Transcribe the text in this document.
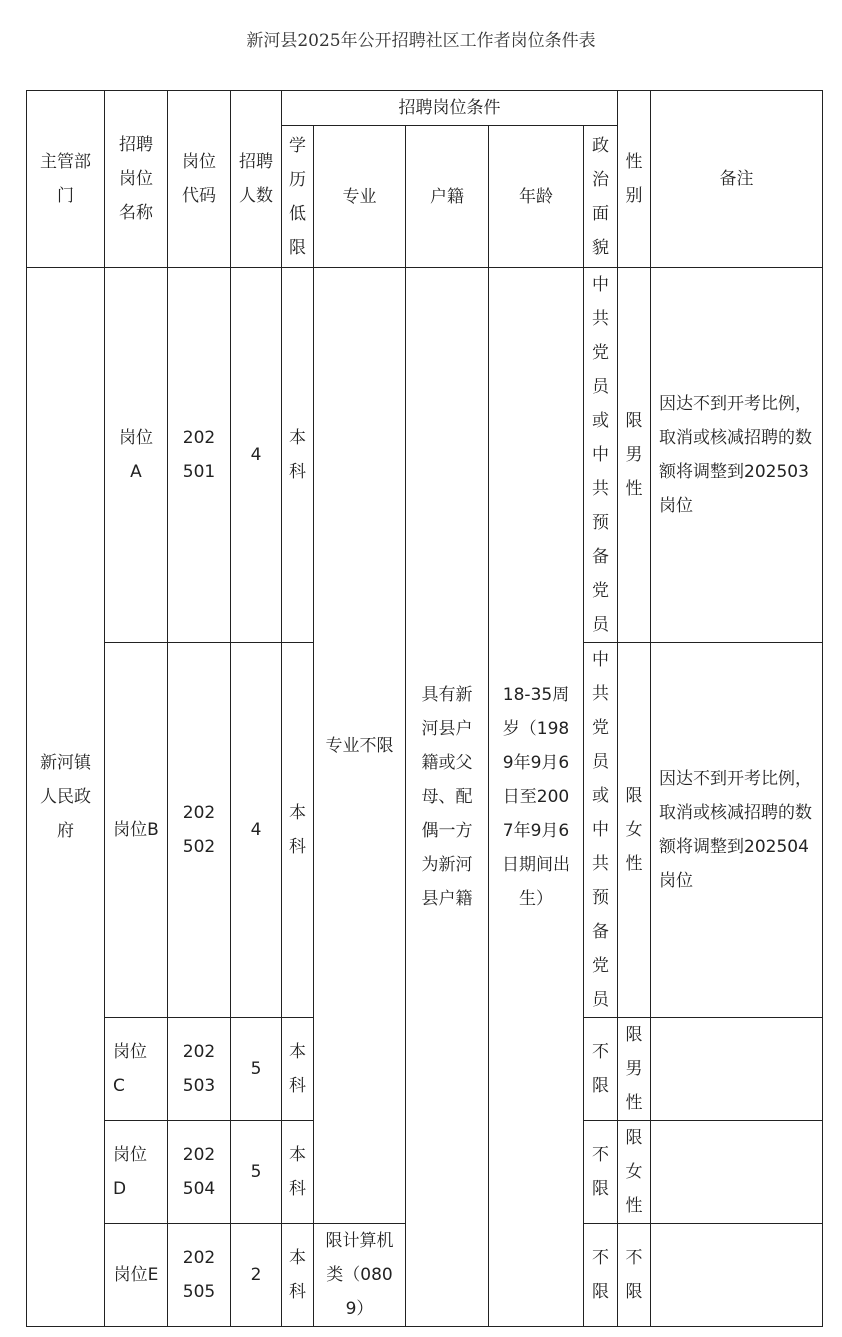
新河县2025年公开招聘社区工作者岗位条件表
主管部门	招聘岗位名称	岗位代码	招聘人数	招聘岗位条件					性别	备注

				学历低限	专业	户籍	年龄	政治面貌		

新河镇人民政府	岗位A	202501	4	本科	专业不限	具有新河县户籍或父母、配偶一方为新河县户籍	18-35周岁（1989年9月6日至2007年9月6日期间出生）	中共党员或中共预备党员	限男性	因达不到开考比例，取消或核减招聘的数额将调整到202503岗位

	岗位B	202502	4	本科				中共党员或中共预备党员	限女性	因达不到开考比例，取消或核减招聘的数额将调整到202504岗位

	岗位C	202503	5	本科				不限	限男性	

	岗位D	202504	5	本科				不限	限女性	

	岗位E	202505	2	本科	限计算机类（0809）			不限	不限	
